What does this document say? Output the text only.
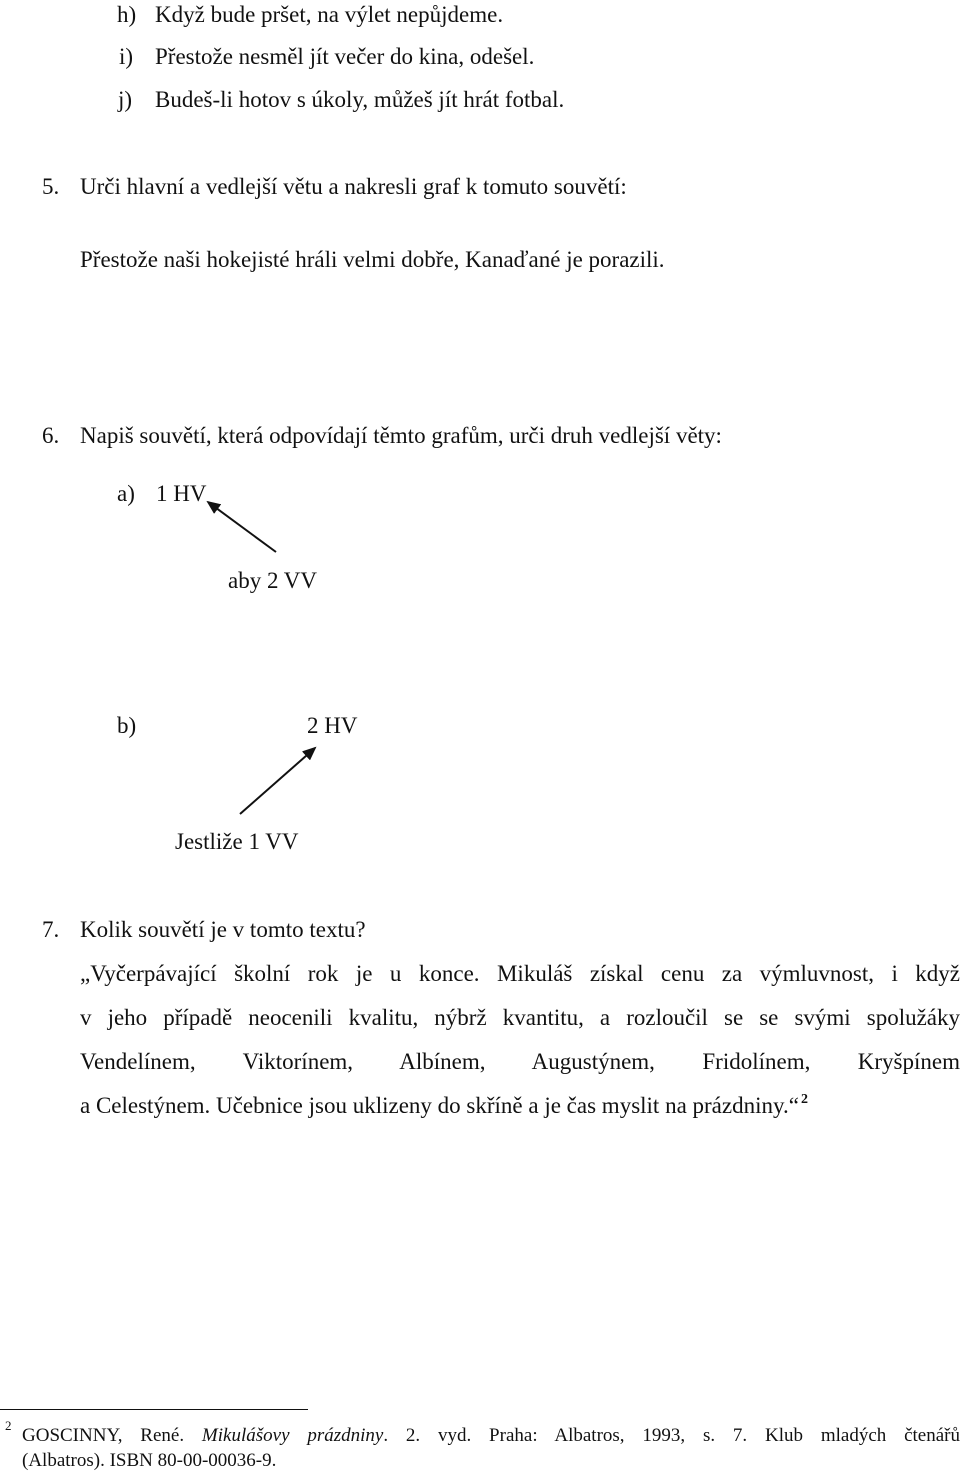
h) Když bude pršet, na výlet nepůjdeme.
i) Přestože nesměl jít večer do kina, odešel.
j) Budeš-li hotov s úkoly, můžeš jít hrát fotbal.
5. Urči hlavní a vedlejší větu a nakresli graf k tomuto souvětí:
Přestože naši hokejisté hráli velmi dobře, Kanaďané je porazili.
6. Napiš souvětí, která odpovídají těmto grafům, urči druh vedlejší věty:
a) 1 HV
aby 2 VV
b)	2 HV
Jestliže 1 VV
7. Kolik souvětí je v tomto textu?
„Vyčerpávající školní rok je u konce. Mikuláš získal cenu za výmluvnost, i když
v jeho případě neocenili kvalitu, nýbrž kvantitu, a rozloučil se se svými spolužáky
Vendelínem, Viktorínem, Albínem, Augustýnem, Fridolínem, Kryšpínem
a Celestýnem. Učebnice jsou uklizeny do skříně a je čas myslit na prázdniny.“ $^2$
2 GOSCINNY, René. Mikulášovy prázdniny. 2. vyd. Praha: Albatros, 1993, s. 7. Klub mladých čtenářů
(Albatros). ISBN 80-00-00036-9.
